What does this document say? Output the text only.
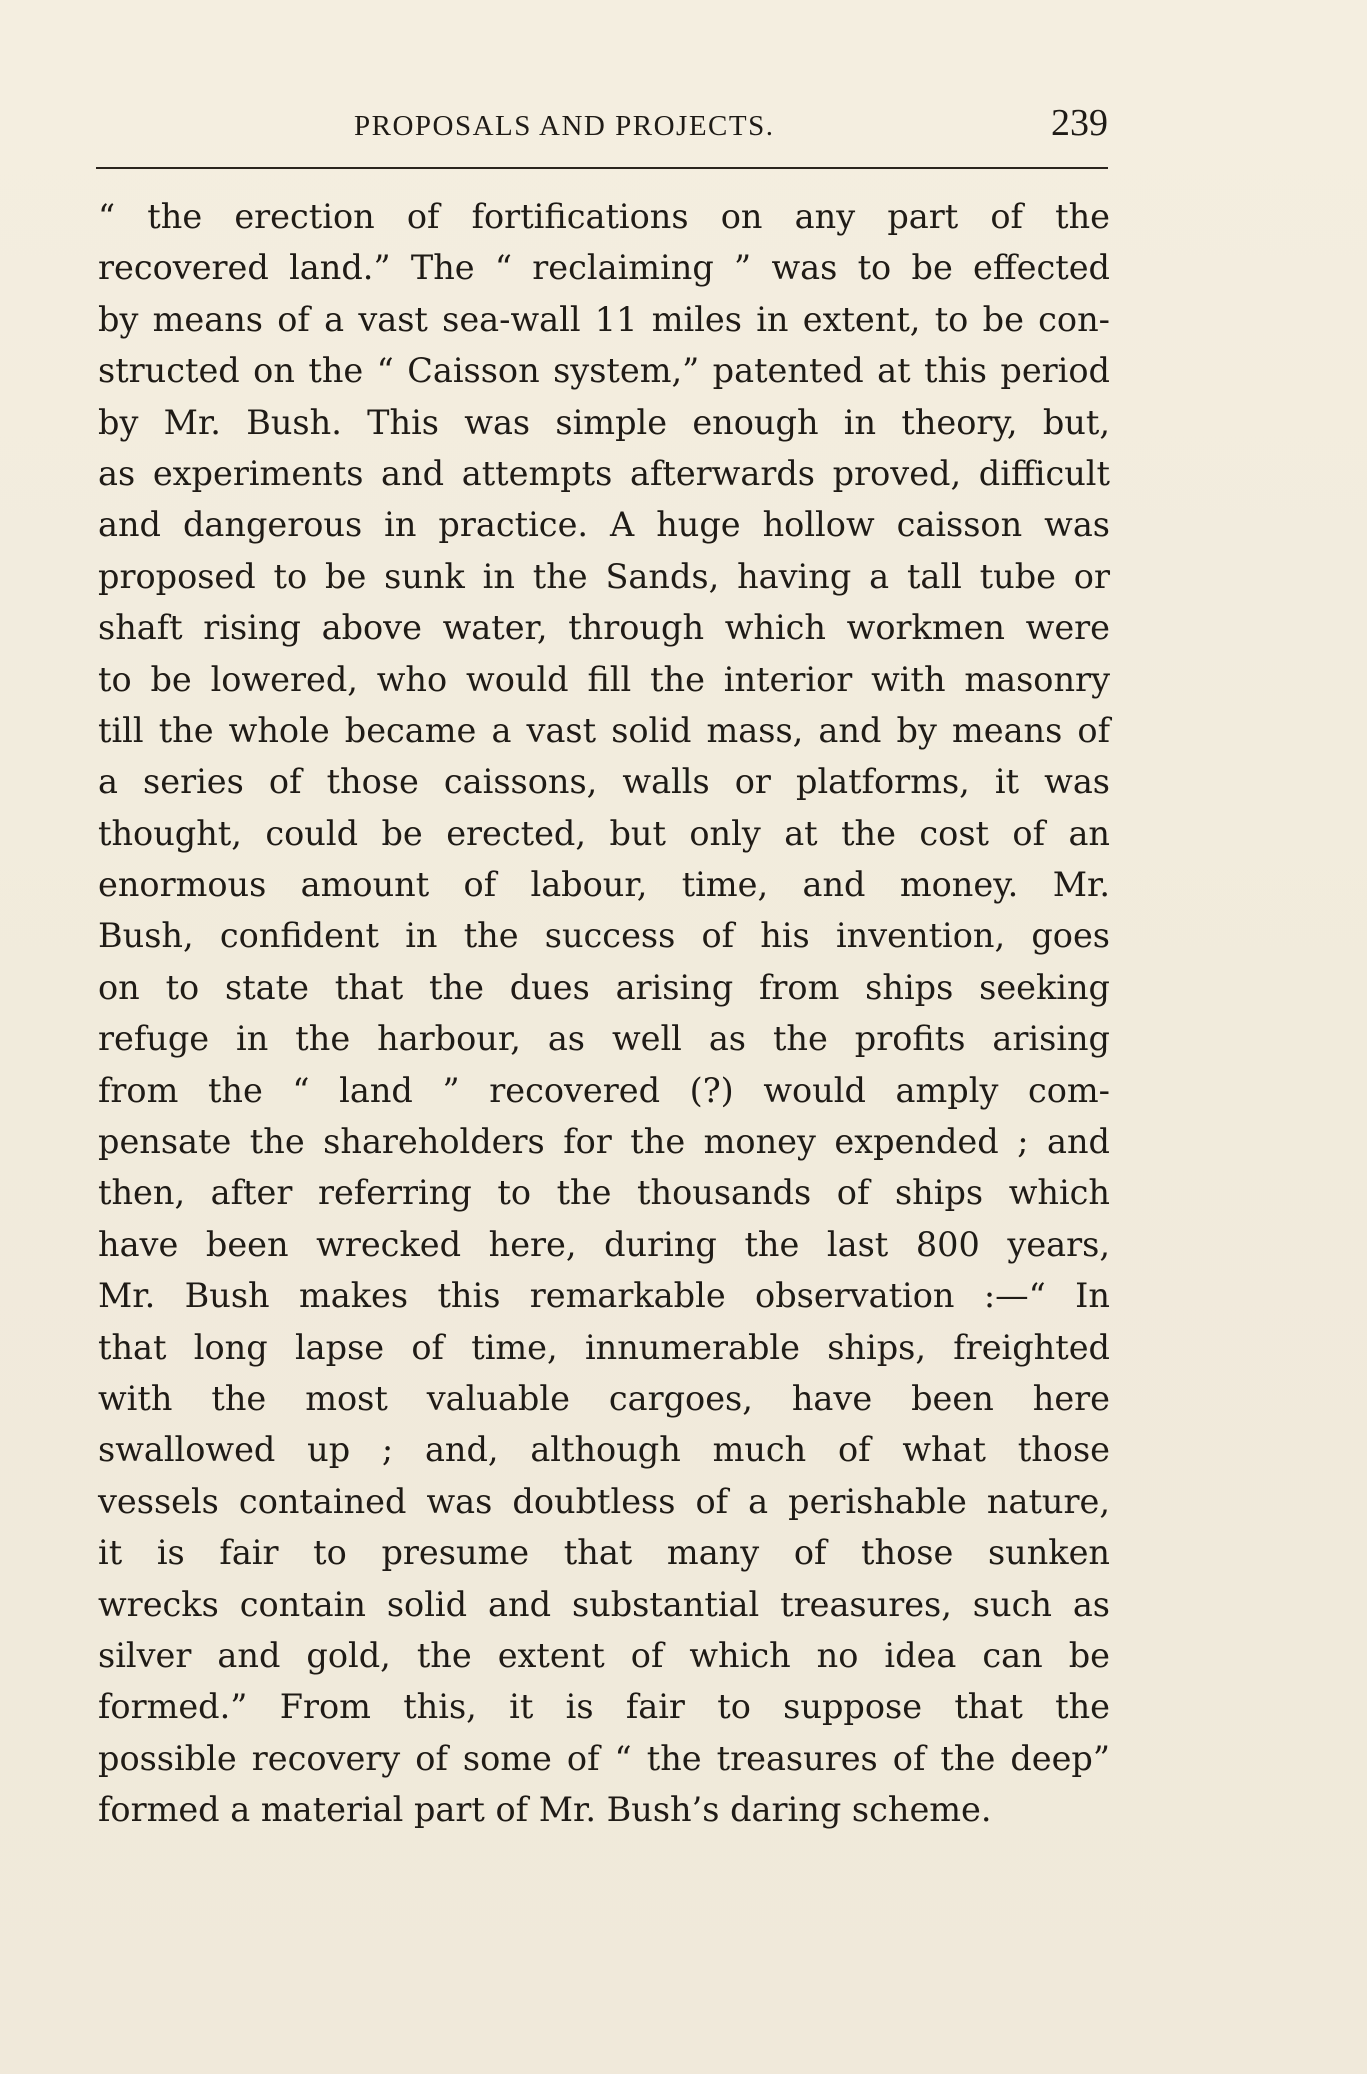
PROPOSALS AND PROJECTS.	239
“ the erection of fortifications on any part of the
recovered land.” The “ reclaiming ” was to be effected
by means of a vast sea-wall 11 miles in extent, to be con-
structed on the “ Caisson system,” patented at this period
by Mr. Bush. This was simple enough in theory, but,
as experiments and attempts afterwards proved, difficult
and dangerous in practice. A huge hollow caisson was
proposed to be sunk in the Sands, having a tall tube or
shaft rising above water, through which workmen were
to be lowered, who would fill the interior with masonry
till the whole became a vast solid mass, and by means of
a series of those caissons, walls or platforms, it was
thought, could be erected, but only at the cost of an
enormous amount of labour, time, and money. Mr.
Bush, confident in the success of his invention, goes
on to state that the dues arising from ships seeking
refuge in the harbour, as well as the profits arising
from the “ land ” recovered (?) would amply com-
pensate the shareholders for the money expended ; and
then, after referring to the thousands of ships which
have been wrecked here, during the last 800 years,
Mr. Bush makes this remarkable observation :—“ In
that long lapse of time, innumerable ships, freighted
with the most valuable cargoes, have been here
swallowed up ; and, although much of what those
vessels contained was doubtless of a perishable nature,
it is fair to presume that many of those sunken
wrecks contain solid and substantial treasures, such as
silver and gold, the extent of which no idea can be
formed.” From this, it is fair to suppose that the
possible recovery of some of “ the treasures of the deep”
formed a material part of Mr. Bush’s daring scheme.
